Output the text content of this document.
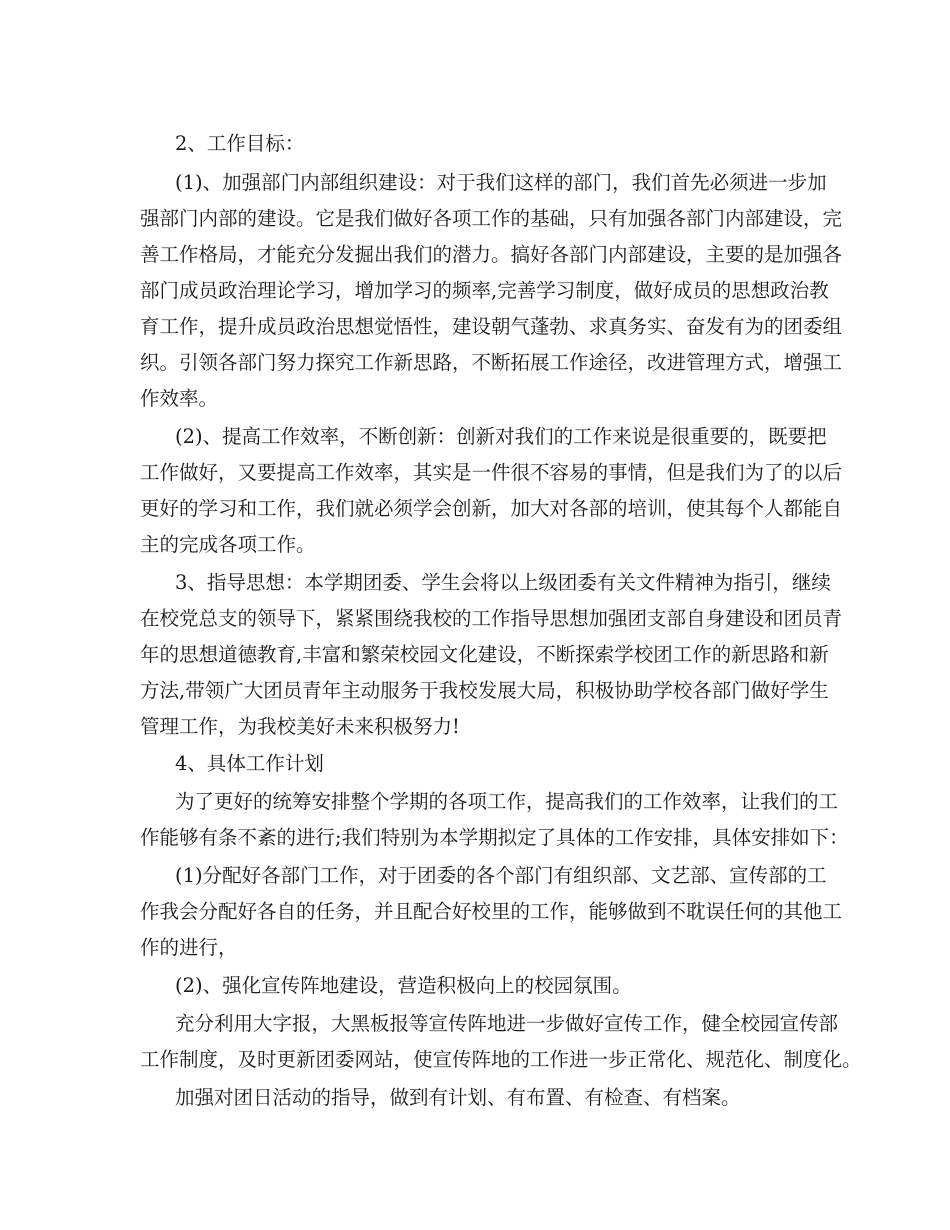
2、工作目标：
(1)、加强部门内部组织建设：对于我们这样的部门，我们首先必须进一步加
强部门内部的建设。它是我们做好各项工作的基础，只有加强各部门内部建设，完
善工作格局，才能充分发掘出我们的潜力。搞好各部门内部建设，主要的是加强各
部门成员政治理论学习，增加学习的频率,完善学习制度，做好成员的思想政治教
育工作，提升成员政治思想觉悟性，建设朝气蓬勃、求真务实、奋发有为的团委组
织。引领各部门努力探究工作新思路，不断拓展工作途径，改进管理方式，增强工
作效率。
(2)、提高工作效率，不断创新：创新对我们的工作来说是很重要的，既要把
工作做好，又要提高工作效率，其实是一件很不容易的事情，但是我们为了的以后
更好的学习和工作，我们就必须学会创新，加大对各部的培训，使其每个人都能自
主的完成各项工作。
3、指导思想：本学期团委、学生会将以上级团委有关文件精神为指引，继续
在校党总支的领导下，紧紧围绕我校的工作指导思想加强团支部自身建设和团员青
年的思想道德教育,丰富和繁荣校园文化建设，不断探索学校团工作的新思路和新
方法,带领广大团员青年主动服务于我校发展大局，积极协助学校各部门做好学生
管理工作，为我校美好未来积极努力!
4、具体工作计划
为了更好的统筹安排整个学期的各项工作，提高我们的工作效率，让我们的工
作能够有条不紊的进行;我们特别为本学期拟定了具体的工作安排，具体安排如下：
(1)分配好各部门工作，对于团委的各个部门有组织部、文艺部、宣传部的工
作我会分配好各自的任务，并且配合好校里的工作，能够做到不耽误任何的其他工
作的进行，
(2)、强化宣传阵地建设，营造积极向上的校园氛围。
充分利用大字报，大黑板报等宣传阵地进一步做好宣传工作，健全校园宣传部
工作制度，及时更新团委网站，使宣传阵地的工作进一步正常化、规范化、制度化。
加强对团日活动的指导，做到有计划、有布置、有检查、有档案。
